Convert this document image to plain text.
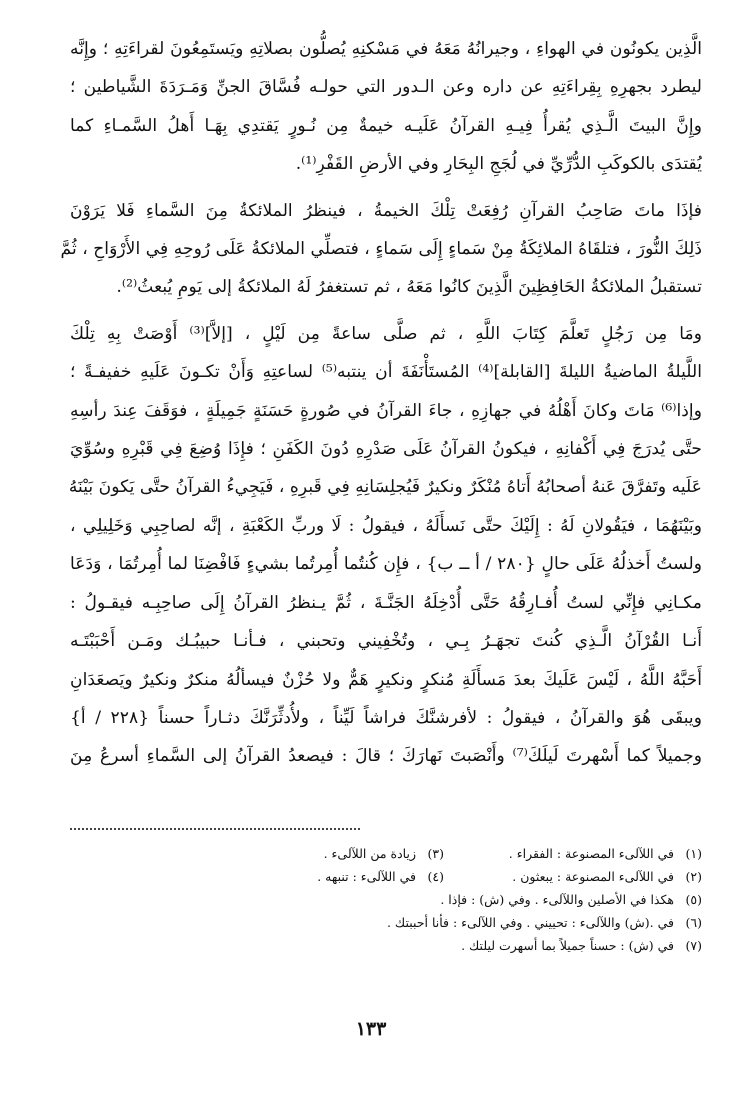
الَّذِين يكونُون في الهواءِ ، وجيرانُهُ مَعَهُ في مَسْكنِهِ يُصلُّون بصلاتِهِ ويَستَمِعُونَ لقراءَتِهِ ؛ وإِنَّه

ليطرد بجهرِهِ بِقِراءَتِهِ عن داره وعن الـدور التي حولـه فُسَّاقَ الجنِّ وَمَـرَدَةَ الشَّياطين ؛

وإِنَّ البيتَ الَّـذِي يُقرأُ فِيـهِ القرآنُ عَلَيـه خيمةٌ مِن نُـورٍ يَقتدِي بِهَـا أَهلُ السَّمـاءِ كما

يُقتدَى بالكوكَبِ الدُّرِّيِّ في لُجَجِ البِحَارِ وفي الأرضِ القَفْرِ⁽¹⁾.

فإذَا ماتَ صَاحِبُ القرآنِ رُفِعَتْ تِلْكَ الخيمةُ ، فينظرُ الملائكةُ مِنَ السَّماءِ فَلا يَرَوْنَ

ذَلِكَ النُّورَ ، فتلقَاهُ الملائِكَةُ مِنْ سَماءٍ إِلَى سَماءٍ ، فتصلِّي الملائكةُ عَلَى رُوحِهِ فِي الأَرْوَاحِ ، ثُمَّ

تستقبلُ الملائكةُ الحَافِظِينَ الَّذِينَ كانُوا مَعَهُ ، ثم تستغفرُ لَهُ الملائكةُ إلى يَومِ يُبعثُ⁽²⁾.

ومَا مِن رَجُلٍ تَعلَّمَ كِتَابَ اللَّهِ ، ثم صلَّى ساعةً مِن لَيْلٍ ، [إلاَّ]⁽³⁾ أَوْصَتْ بِهِ تِلْكَ

اللَّيلةُ الماضيةُ الليلةَ [القابلة]⁽⁴⁾ المُستَأْنَفَةَ أن ينتبه⁽⁵⁾ لساعتِهِ وَأَنْ تكـونَ عَلَيهِ خفيفـةً ؛

وإذا⁽⁶⁾ مَاتَ وكانَ أَهْلُهُ في جهازِهِ ، جاءَ القرآنُ في صُورةٍ حَسَنَةٍ جَمِيلَةٍ ، فوَقَفَ عِندَ رأسِهِ

حتَّى يُدرَجَ فِي أَكْفانِهِ ، فيكونُ القرآنُ عَلَى صَدْرِهِ دُونَ الكَفَنِ ؛ فإِذَا وُضِعَ فِي قَبْرِهِ وسُوِّيَ

عَلَيه وتَفرَّقَ عَنهُ أصحابُهُ أَتاهُ مُنْكَرٌ ونكيرٌ فَيُجلِسَانِهِ فِي قَبرِهِ ، فَيَجِيءُ القرآنُ حتَّى يَكونَ بَيْنَهُ

وبَيْنَهُمَا ، فيَقُولانِ لَهُ : إِلَيْكَ حتَّى نَسأَلَهُ ، فيقولُ : لَا وربِّ الكَعْبَةِ ، إنَّه لصاحِبِي وَخَلِيلِي ،

ولستُ أَخذلُهُ عَلَى حالٍ {٢٨٠ / أ ــ ب} ، فإِن كُنتُما أُمِرتُما بشيءٍ فَافْضِنَا لما أُمِرتُمَا ، وَدَعَا

مكـانِي فإِنِّي لستُ أُفـارِقُهُ حَتَّى أُدْخِلَهُ الجَنَّـةَ ، ثُمَّ يـنظرُ القرآنُ إِلَى صاحِبِـه فيقـولُ :

أَنـا القُرْآنُ الَّـذِي كُنتَ تجهَـرُ بِـي ، وتُخْفِيني وتحبني ، فـأنـا حبيبُـك ومَـن أَحْبَبْتَـه

أَحَبَّهُ اللَّهُ ، لَيْسَ عَلَيكَ بعدَ مَسأَلَةِ مُنكرٍ ونكيرٍ هَمٌّ ولا حُزْنٌ فيسألُهُ منكرٌ ونكيرٌ ويَصعَدَانِ

ويبقَى هُوَ والقرآنُ ، فيقولُ : لأفرشنَّكَ فراشاً لَيِّناً ، ولأُدثِّرَنَّكَ دثـاراً حسناً {٢٢٨ / أ}

وجميلاً كما أَسْهرتَ لَيلَكَ⁽⁷⁾ وأَنْصَبتَ نَهارَكَ ؛ قالَ : فيصعدُ القرآنُ إلى السَّماءِ أسرعُ مِنَ

(١)
في اللآلىء المصنوعة : الفقراء .
(٣)
زيادة من اللآلىء .
(٢)
في اللآلىء المصنوعة : يبعثون .
(٤)
في اللآلىء : تنبهه .
(٥)
هكذا في الأصلين واللآلىء . وفي (ش) : فإذا .
(٦)
في .(ش) واللآلىء : تحييني . وفي اللآلىء : فأنا أحببتك .
(٧)
في (ش) : حسناً جميلاً بما أسهرت ليلتك .
١٣٣
